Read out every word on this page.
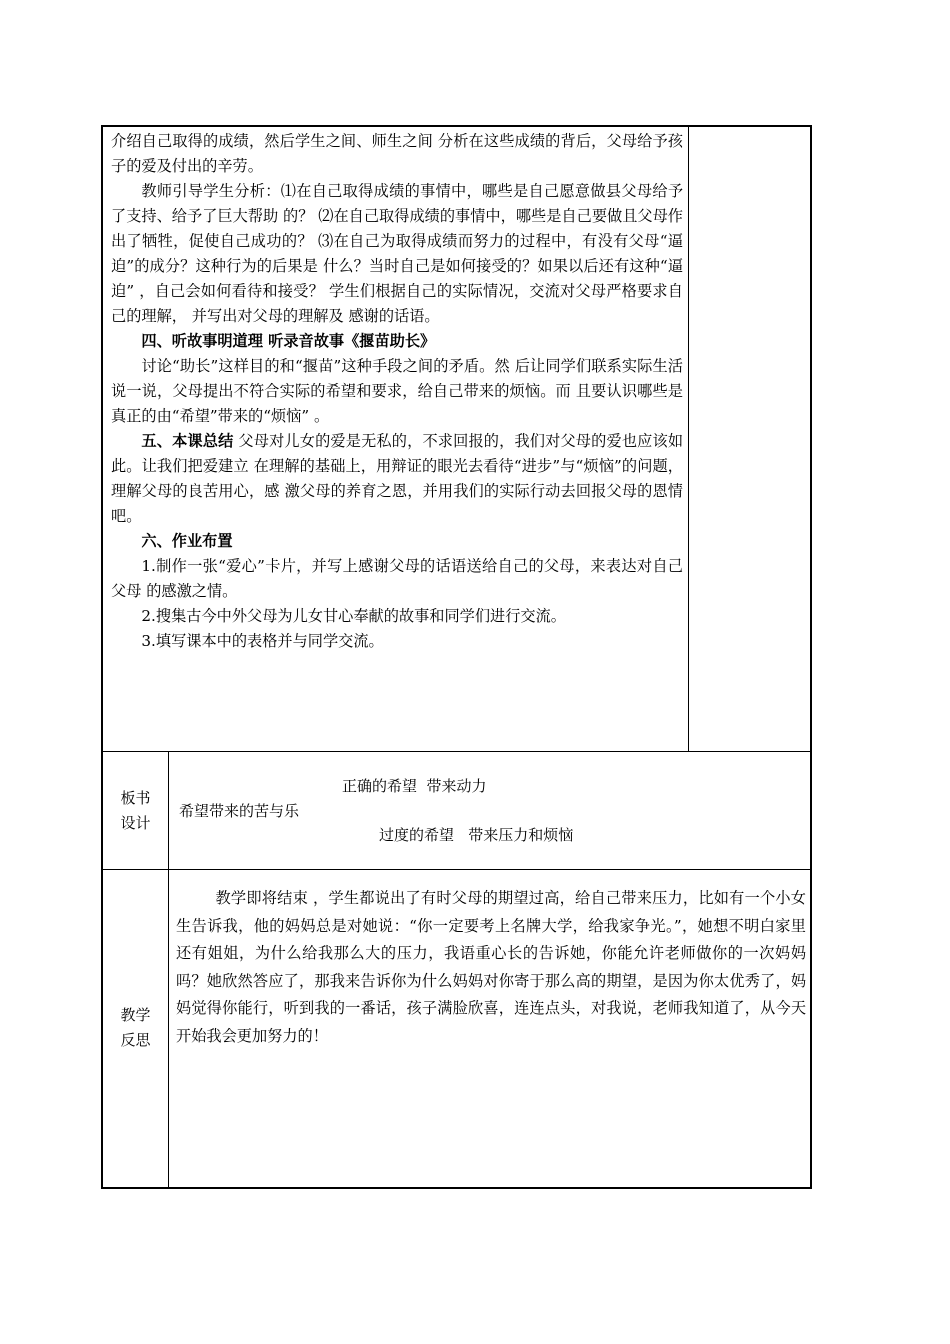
介绍自己取得的成绩，然后学生之间、师生之间 分析在这些成绩的背后，父母给予孩子的爱及付出的辛劳。

教师引导学生分析：⑴在自己取得成绩的事情中，哪些是自己愿意做县父母给予了支持、给予了巨大帮助 的？ ⑵在自己取得成绩的事情中，哪些是自己要做且父母作出了牺牲，促使自己成功的？ ⑶在自己为取得成绩而努力的过程中，有没有父母“逼迫”的成分？这种行为的后果是 什么？当时自己是如何接受的？如果以后还有这种“逼迫” ，自己会如何看待和接受？ 学生们根据自己的实际情况，交流对父母严格要求自己的理解， 并写出对父母的理解及 感谢的话语。

四、听故事明道理 听录音故事《揠苗助长》

讨论“助长”这样目的和“揠苗”这种手段之间的矛盾。然 后让同学们联系实际生活说一说，父母提出不符合实际的希望和要求，给自己带来的烦恼。而 且要认识哪些是真正的由“希望”带来的“烦恼” 。

五、本课总结 父母对儿女的爱是无私的，不求回报的，我们对父母的爱也应该如此。让我们把爱建立 在理解的基础上，用辩证的眼光去看待“进步”与“烦恼”的问题，理解父母的良苦用心，感 激父母的养育之恩，并用我们的实际行动去回报父母的恩情吧。

六、作业布置

1.制作一张“爱心”卡片，并写上感谢父母的话语送给自己的父母，来表达对自己父母 的感激之情。

2.搜集古今中外父母为儿女甘心奉献的故事和同学们进行交流。

3.填写课本中的表格并与同学交流。

板书
设计
正确的希望  带来动力
希望带来的苦与乐
过度的希望   带来压力和烦恼
教学
反思
教学即将结束 ，学生都说出了有时父母的期望过高，给自己带来压力，比如有一个小女生告诉我，他的妈妈总是对她说：“你一定要考上名牌大学，给我家争光。”，她想不明白家里还有姐姐，为什么给我那么大的压力，我语重心长的告诉她，你能允许老师做你的一次妈妈吗？她欣然答应了，那我来告诉你为什么妈妈对你寄于那么高的期望，是因为你太优秀了，妈妈觉得你能行，听到我的一番话，孩子满脸欣喜，连连点头，对我说，老师我知道了，从今天开始我会更加努力的！
